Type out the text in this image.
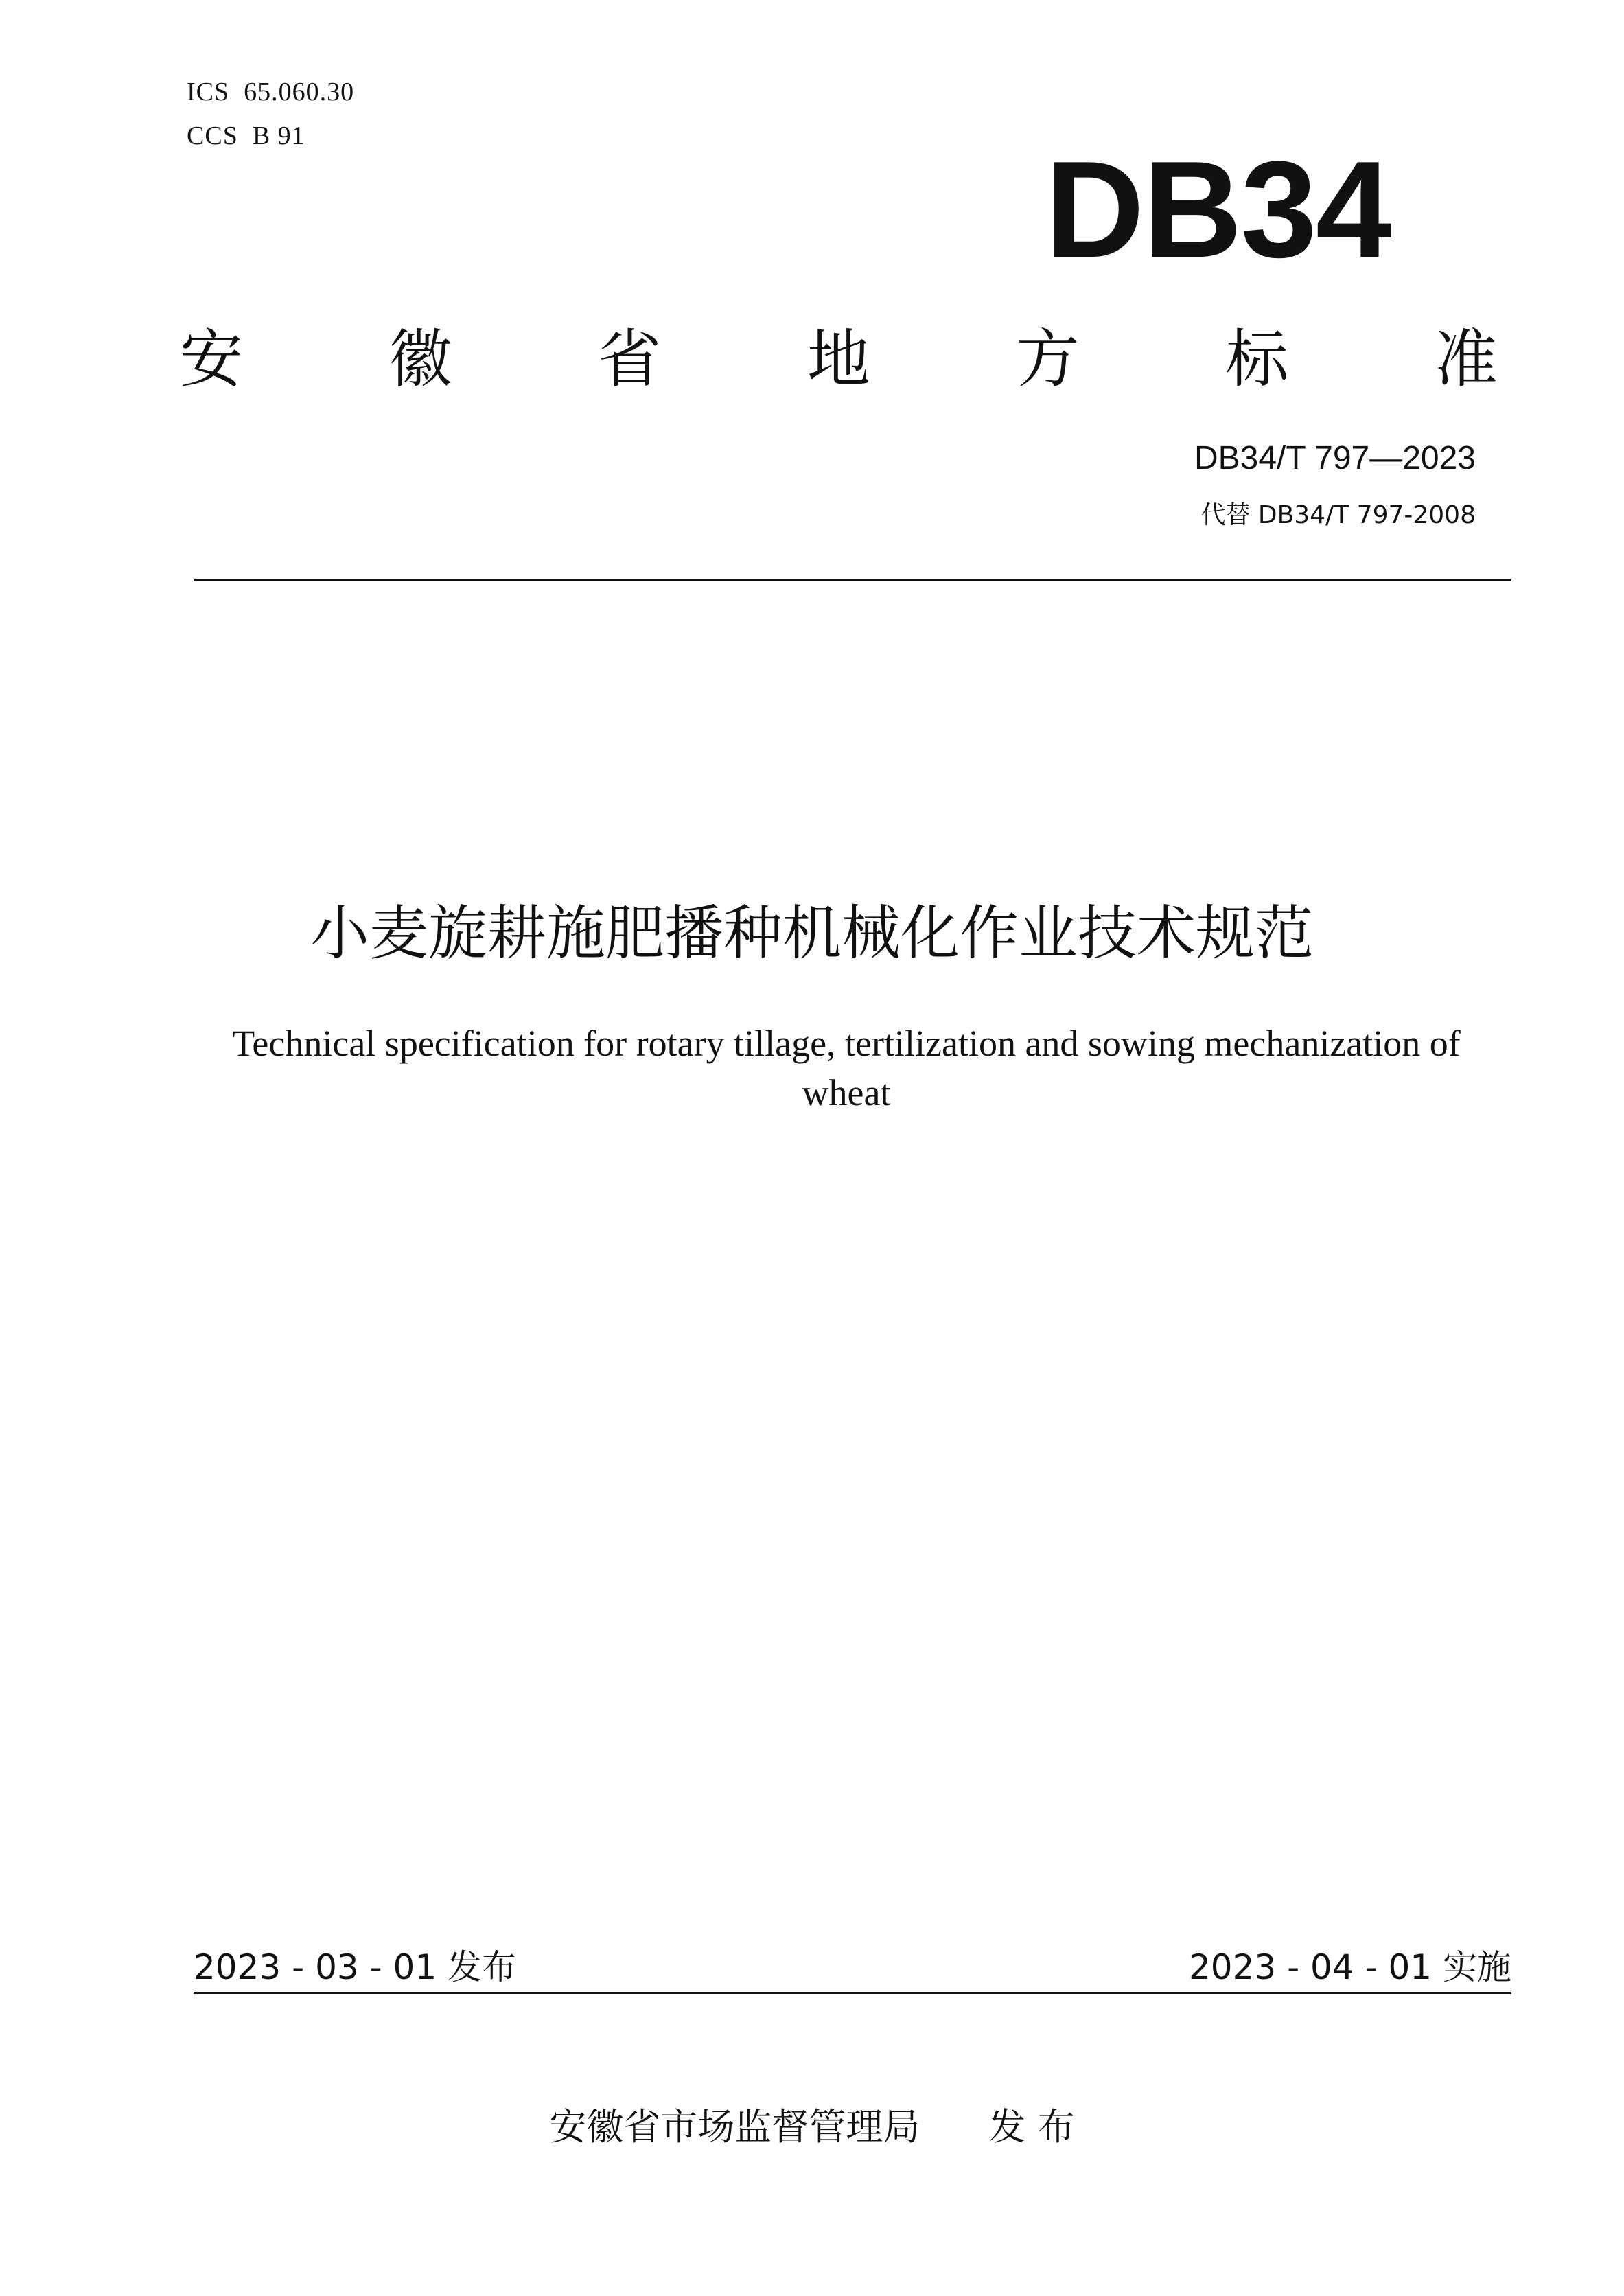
ICS  65.060.30
CCS  B 91	DB34
安 徽 省 地 方 标 准
DB34/T 797—2023
代替 DB34/T 797-2008
小麦旋耕施肥播种机械化作业技术规范
Technical specification for rotary tillage, tertilization and sowing mechanization of wheat
2023 - 03 - 01 发布	2023 - 04 - 01 实施
安徽省市场监督管理局 发 布
